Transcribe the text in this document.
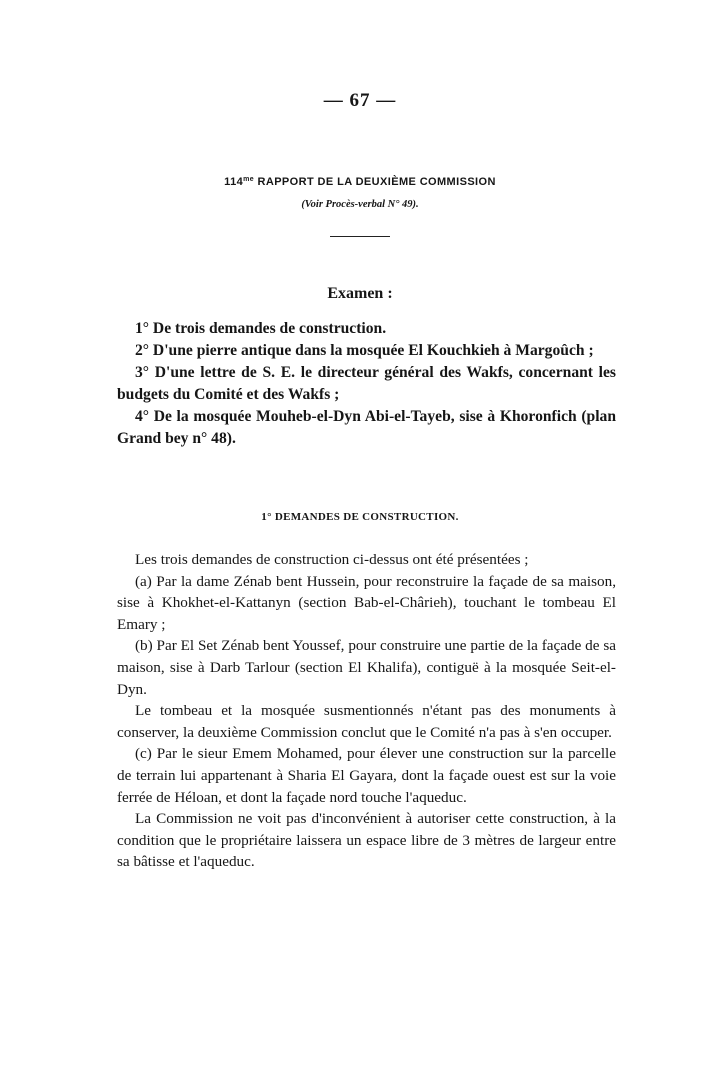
— 67 —
$114^{me}$ RAPPORT DE LA DEUXIÈME COMMISSION
(Voir Procès-verbal N° 49).
Examen :

1° De trois demandes de construction.

2° D'une pierre antique dans la mosquée El Kouchkieh à Margoûch ;

3° D'une lettre de S. E. le directeur général des Wakfs, concernant les budgets du Comité et des Wakfs ;

4° De la mosquée Mouheb-el-Dyn Abi-el-Tayeb, sise à Khoronfich (plan Grand bey n° 48).

1° DEMANDES DE CONSTRUCTION.

Les trois demandes de construction ci-dessus ont été présentées ;

(a) Par la dame Zénab bent Hussein, pour reconstruire la façade de sa maison, sise à Khokhet-el-Kattanyn (section Bab-el-Chârieh), touchant le tombeau El Emary ;

(b) Par El Set Zénab bent Youssef, pour construire une partie de la façade de sa maison, sise à Darb Tarlour (section El Khalifa), contiguë à la mosquée Seit-el-Dyn.

Le tombeau et la mosquée susmentionnés n'étant pas des monuments à conserver, la deuxième Commission conclut que le Comité n'a pas à s'en occuper.

(c) Par le sieur Emem Mohamed, pour élever une construction sur la parcelle de terrain lui appartenant à Sharia El Gayara, dont la façade ouest est sur la voie ferrée de Héloan, et dont la façade nord touche l'aqueduc.

La Commission ne voit pas d'inconvénient à autoriser cette construction, à la condition que le propriétaire laissera un espace libre de 3 mètres de largeur entre sa bâtisse et l'aqueduc.
